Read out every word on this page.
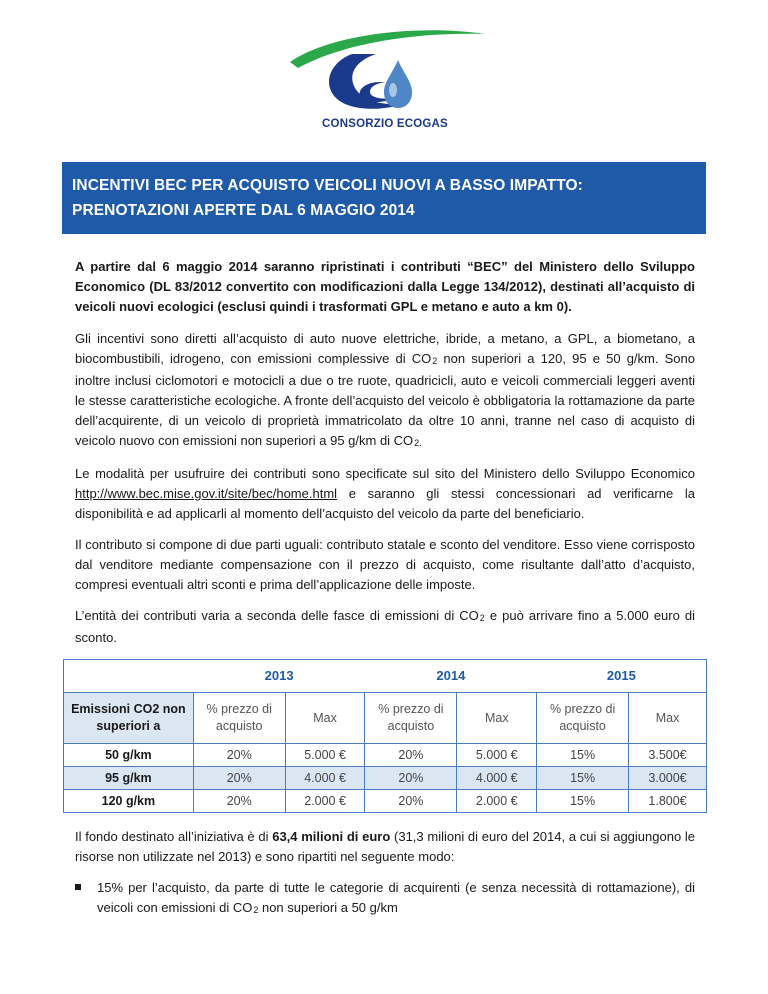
CONSORZIO ECOGAS
INCENTIVI BEC PER ACQUISTO VEICOLI NUOVI A BASSO IMPATTO: PRENOTAZIONI APERTE DAL 6 MAGGIO 2014

A partire dal 6 maggio 2014 saranno ripristinati i contributi “BEC” del Ministero dello Sviluppo Economico (DL 83/2012 convertito con modificazioni dalla Legge 134/2012), destinati all’acquisto di veicoli nuovi ecologici (esclusi quindi i trasformati GPL e metano e auto a km 0).

Gli incentivi sono diretti all’acquisto di auto nuove elettriche, ibride, a metano, a GPL, a biometano, a biocombustibili, idrogeno, con emissioni complessive di $CO_2$ non superiori a 120, 95 e 50 g/km. Sono inoltre inclusi ciclomotori e motocicli a due o tre ruote, quadricicli, auto e veicoli commerciali leggeri aventi le stesse caratteristiche ecologiche. A fronte dell’acquisto del veicolo è obbligatoria la rottamazione da parte dell’acquirente, di un veicolo di proprietà immatricolato da oltre 10 anni, tranne nel caso di acquisto di veicolo nuovo con emissioni non superiori a 95 g/km di $CO_{2.}$

Le modalità per usufruire dei contributi sono specificate sul sito del Ministero dello Sviluppo Economico http://www.bec.mise.gov.it/site/bec/home.html e saranno gli stessi concessionari ad verificarne la disponibilità e ad applicarli al momento dell’acquisto del veicolo da parte del beneficiario.

Il contributo si compone di due parti uguali: contributo statale e sconto del venditore. Esso viene corrisposto dal venditore mediante compensazione con il prezzo di acquisto, come risultante dall’atto d’acquisto, compresi eventuali altri sconti e prima dell’applicazione delle imposte.

L’entità dei contributi varia a seconda delle fasce di emissioni di $CO_2$ e può arrivare fino a 5.000 euro di sconto.

	2013		2014		2015	
Emissioni CO2 non superiori a	% prezzo di acquisto	Max	% prezzo di acquisto	Max	% prezzo di acquisto	Max
50 g/km	20%	5.000 €	20%	5.000 €	15%	3.500€
95 g/km	20%	4.000 €	20%	4.000 €	15%	3.000€
120 g/km	20%	2.000 €	20%	2.000 €	15%	1.800€

Il fondo destinato all’iniziativa è di 63,4 milioni di euro (31,3 milioni di euro del 2014, a cui si aggiungono le risorse non utilizzate nel 2013) e sono ripartiti nel seguente modo:

15% per l’acquisto, da parte di tutte le categorie di acquirenti (e senza necessità di rottamazione), di veicoli con emissioni di $CO_2$ non superiori a 50 g/km
